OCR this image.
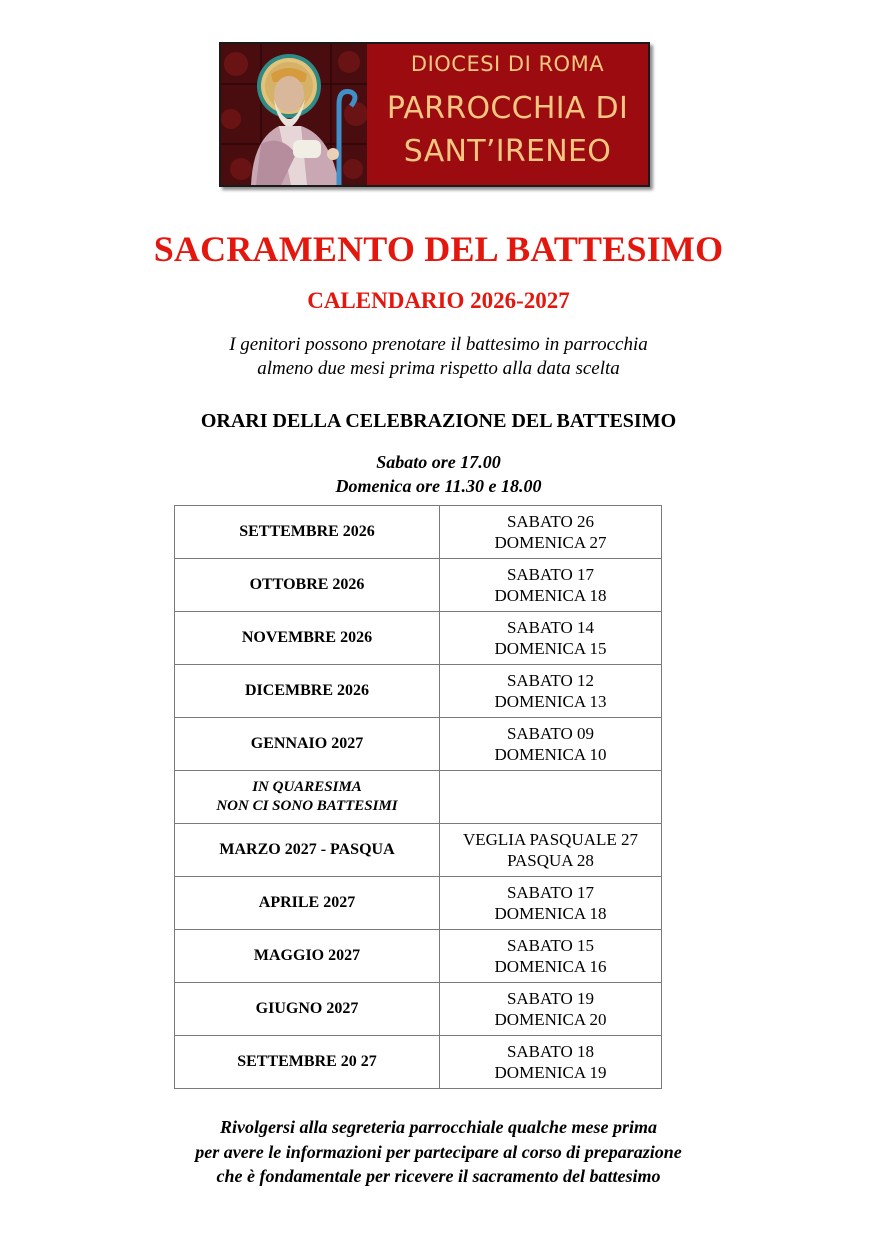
DIOCESI DI ROMA
PARROCCHIA DI
SANT’IRENEO
SACRAMENTO DEL BATTESIMO
CALENDARIO 2026-2027
I genitori possono prenotare il battesimo in parrocchia
almeno due mesi prima rispetto alla data scelta
ORARI DELLA CELEBRAZIONE DEL BATTESIMO
Sabato ore 17.00
Domenica ore 11.30 e 18.00
SETTEMBRE 2026	SABATO 26
DOMENICA 27

OTTOBRE 2026	SABATO 17
DOMENICA 18

NOVEMBRE 2026	SABATO 14
DOMENICA 15

DICEMBRE 2026	SABATO 12
DOMENICA 13

GENNAIO 2027	SABATO 09
DOMENICA 10

IN QUARESIMA
NON CI SONO BATTESIMI	

MARZO 2027 - PASQUA	VEGLIA PASQUALE 27
PASQUA 28

APRILE 2027	SABATO 17
DOMENICA 18

MAGGIO 2027	SABATO 15
DOMENICA 16

GIUGNO 2027	SABATO 19
DOMENICA 20

SETTEMBRE 20 27	SABATO 18
DOMENICA 19
Rivolgersi alla segreteria parrocchiale qualche mese prima
per avere le informazioni per partecipare al corso di preparazione
che è fondamentale per ricevere il sacramento del battesimo
